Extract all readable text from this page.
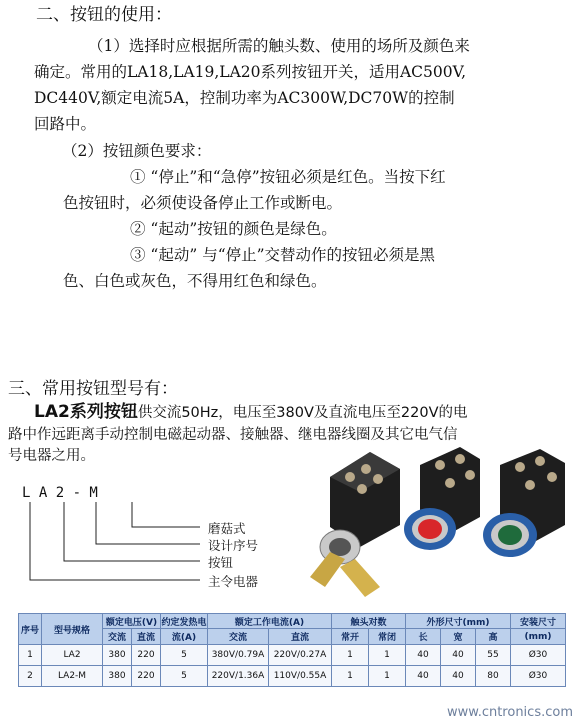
二、按钮的使用：
（1）选择时应根据所需的触头数、使用的场所及颜色来
确定。常用的LA18,LA19,LA20系列按钮开关，适用AC500V,
DC440V,额定电流5A，控制功率为AC300W,DC70W的控制
回路中。
（2）按钮颜色要求：
① “停止”和“急停”按钮必须是红色。当按下红
色按钮时，必须使设备停止工作或断电。
② “起动”按钮的颜色是绿色。
③ “起动” 与“停止”交替动作的按钮必须是黑
色、白色或灰色，不得用红色和绿色。
三、常用按钮型号有：
LA2系列按钮供交流50Hz，电压至380V及直流电压至220V的电
路中作远距离手动控制电磁起动器、接触器、继电器线圈及其它电气信
号电器之用。
L A 2 - M
磨菇式
设计序号
按钮
主令电器
序号	型号规格	额定电压(V)		约定发热电	额定工作电流(A)		触头对数		外形尺寸(mm)			安装尺寸
		交流	直流	流(A)	交流	直流	常开	常闭	长	宽	高	(mm)
1	LA2	380	220	5	380V/0.79A	220V/0.27A	1	1	40	40	55	Ø30
2	LA2-M	380	220	5	220V/1.36A	110V/0.55A	1	1	40	40	80	Ø30
www.cntronics.com
